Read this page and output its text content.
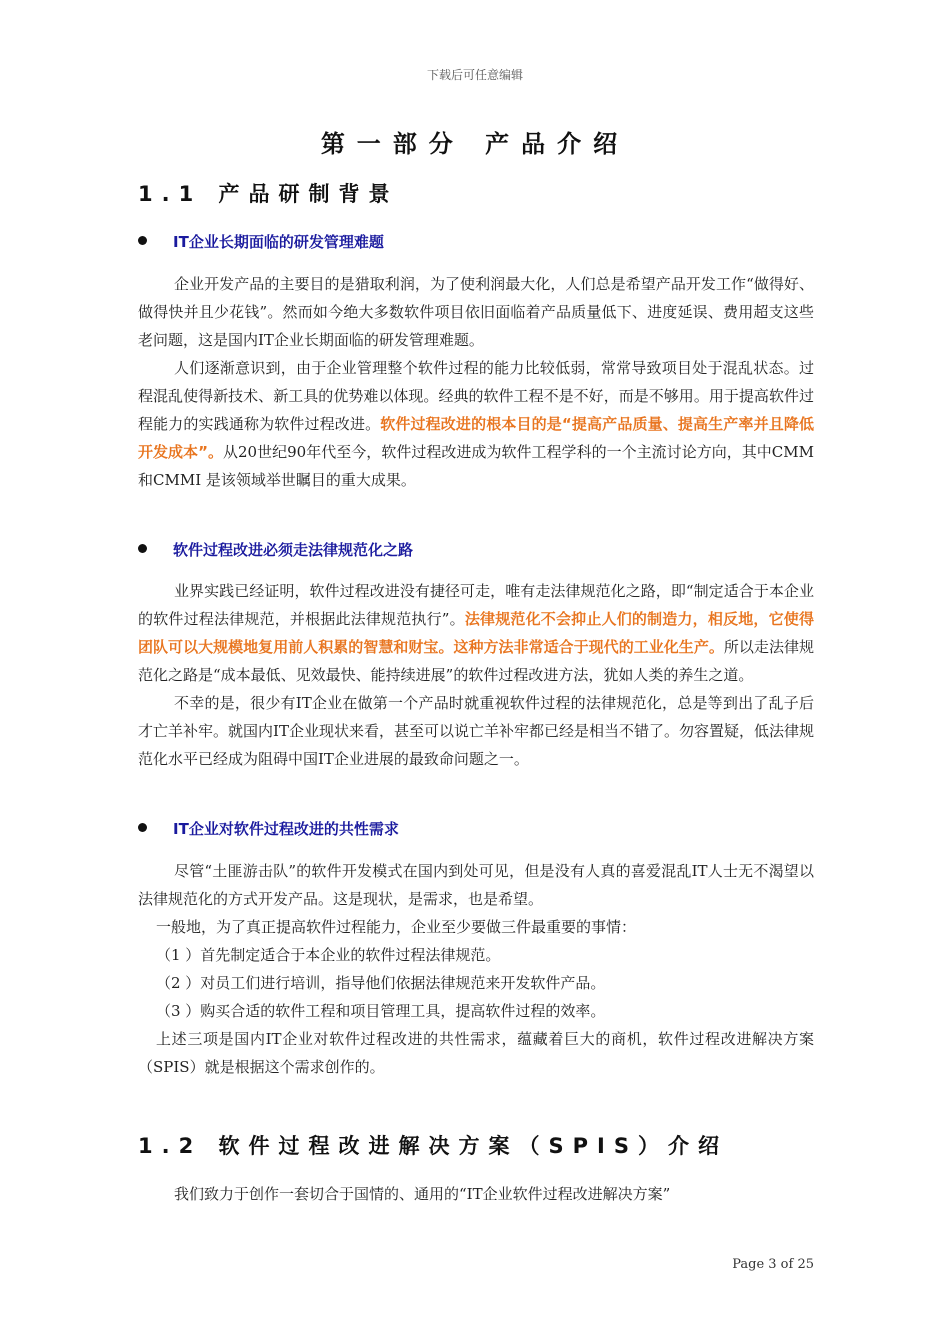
下载后可任意编辑
第一部分 产品介绍
1.1 产品研制背景
IT企业长期面临的研发管理难题

企业开发产品的主要目的是猎取利润，为了使利润最大化，人们总是希望产品开发工作“做得好、做得快并且少花钱”。然而如今绝大多数软件项目依旧面临着产品质量低下、进度延误、费用超支这些老问题，这是国内IT企业长期面临的研发管理难题。

人们逐渐意识到，由于企业管理整个软件过程的能力比较低弱，常常导致项目处于混乱状态。过程混乱使得新技术、新工具的优势难以体现。经典的软件工程不是不好，而是不够用。用于提高软件过程能力的实践通称为软件过程改进。软件过程改进的根本目的是“提高产品质量、提高生产率并且降低开发成本”。从20世纪90年代至今，软件过程改进成为软件工程学科的一个主流讨论方向，其中CMM 和CMMI 是该领域举世瞩目的重大成果。

软件过程改进必须走法律规范化之路

业界实践已经证明，软件过程改进没有捷径可走，唯有走法律规范化之路，即“制定适合于本企业的软件过程法律规范，并根据此法律规范执行”。法律规范化不会抑止人们的制造力，相反地，它使得团队可以大规模地复用前人积累的智慧和财宝。这种方法非常适合于现代的工业化生产。所以走法律规范化之路是“成本最低、见效最快、能持续进展”的软件过程改进方法，犹如人类的养生之道。

不幸的是，很少有IT企业在做第一个产品时就重视软件过程的法律规范化，总是等到出了乱子后才亡羊补牢。就国内IT企业现状来看，甚至可以说亡羊补牢都已经是相当不错了。勿容置疑，低法律规范化水平已经成为阻碍中国IT企业进展的最致命问题之一。

IT企业对软件过程改进的共性需求

尽管“土匪游击队”的软件开发模式在国内到处可见，但是没有人真的喜爱混乱IT人士无不渴望以法律规范化的方式开发产品。这是现状，是需求，也是希望。

一般地，为了真正提高软件过程能力，企业至少要做三件最重要的事情：

（1 ）首先制定适合于本企业的软件过程法律规范。

（2 ）对员工们进行培训，指导他们依据法律规范来开发软件产品。

（3 ）购买合适的软件工程和项目管理工具，提高软件过程的效率。

上述三项是国内IT企业对软件过程改进的共性需求，蕴藏着巨大的商机，软件过程改进解决方案（SPIS）就是根据这个需求创作的。

1.2 软件过程改进解决方案（SPIS）介绍

我们致力于创作一套切合于国情的、通用的“IT企业软件过程改进解决方案”

Page 3 of 25
